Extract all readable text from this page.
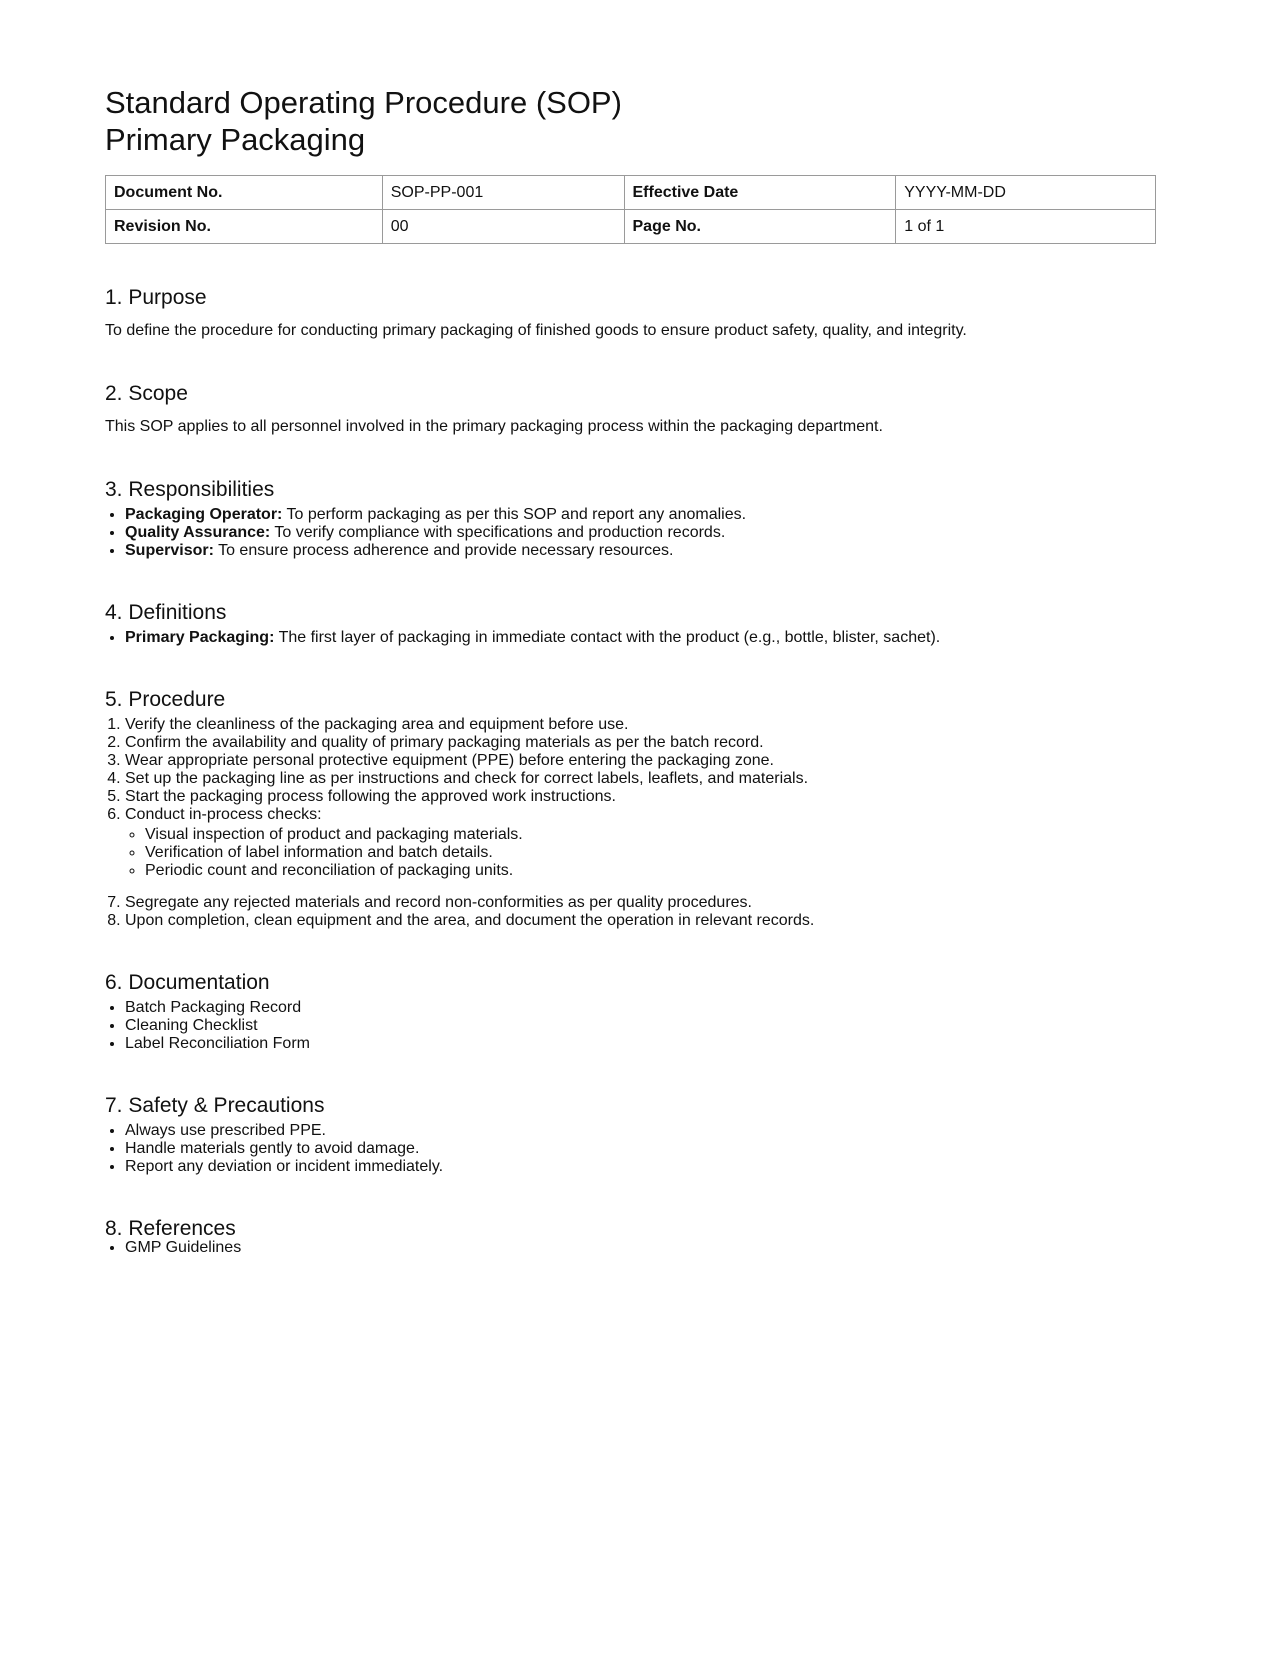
Standard Operating Procedure (SOP)
Primary Packaging
Document No.	SOP-PP-001	Effective Date	YYYY-MM-DD
Revision No.	00	Page No.	1 of 1
1. Purpose

To define the procedure for conducting primary packaging of finished goods to ensure product safety, quality, and integrity.

2. Scope

This SOP applies to all personnel involved in the primary packaging process within the packaging department.

3. Responsibilities
• Packaging Operator: To perform packaging as per this SOP and report any anomalies.
• Quality Assurance: To verify compliance with specifications and production records.
• Supervisor: To ensure process adherence and provide necessary resources.
4. Definitions
• Primary Packaging: The first layer of packaging in immediate contact with the product (e.g., bottle, blister, sachet).
5. Procedure
1. Verify the cleanliness of the packaging area and equipment before use.
2. Confirm the availability and quality of primary packaging materials as per the batch record.
3. Wear appropriate personal protective equipment (PPE) before entering the packaging zone.
4. Set up the packaging line as per instructions and check for correct labels, leaflets, and materials.
5. Start the packaging process following the approved work instructions.
6. Conduct in-process checks:
◦ Visual inspection of product and packaging materials.
◦ Verification of label information and batch details.
◦ Periodic count and reconciliation of packaging units.
7. Segregate any rejected materials and record non-conformities as per quality procedures.
8. Upon completion, clean equipment and the area, and document the operation in relevant records.
6. Documentation
• Batch Packaging Record
• Cleaning Checklist
• Label Reconciliation Form
7. Safety & Precautions
• Always use prescribed PPE.
• Handle materials gently to avoid damage.
• Report any deviation or incident immediately.
8. References
• GMP Guidelines
